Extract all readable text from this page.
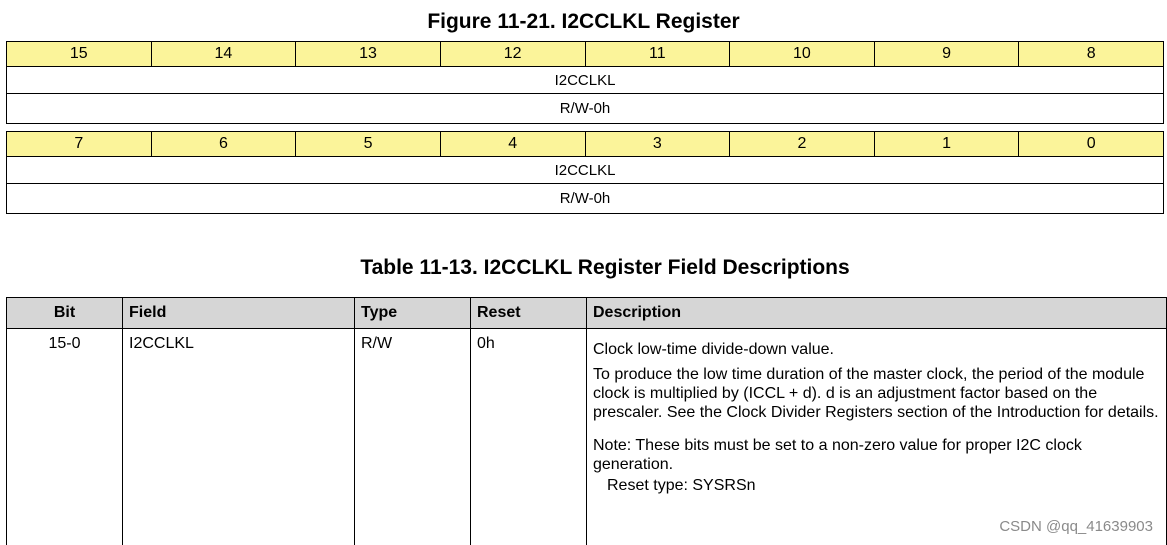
Figure 11-21. I2CCLKL Register
15	14	13	12	11	10	9	8
I2CCLKL
R/W-0h
7	6	5	4	3	2	1	0
I2CCLKL
R/W-0h
Table 11-13. I2CCLKL Register Field Descriptions
Bit	Field	Type	Reset	Description
15-0	I2CCLKL	R/W	0h	Clock low-time divide-down value.

To produce the low time duration of the master clock, the period of the module clock is multiplied by (ICCL + d). d is an adjustment factor based on the prescaler. See the Clock Divider Registers section of the Introduction for details.

Note: These bits must be set to a non-zero value for proper I2C clock generation.

Reset type: SYSRSn

CSDN @qq_41639903
